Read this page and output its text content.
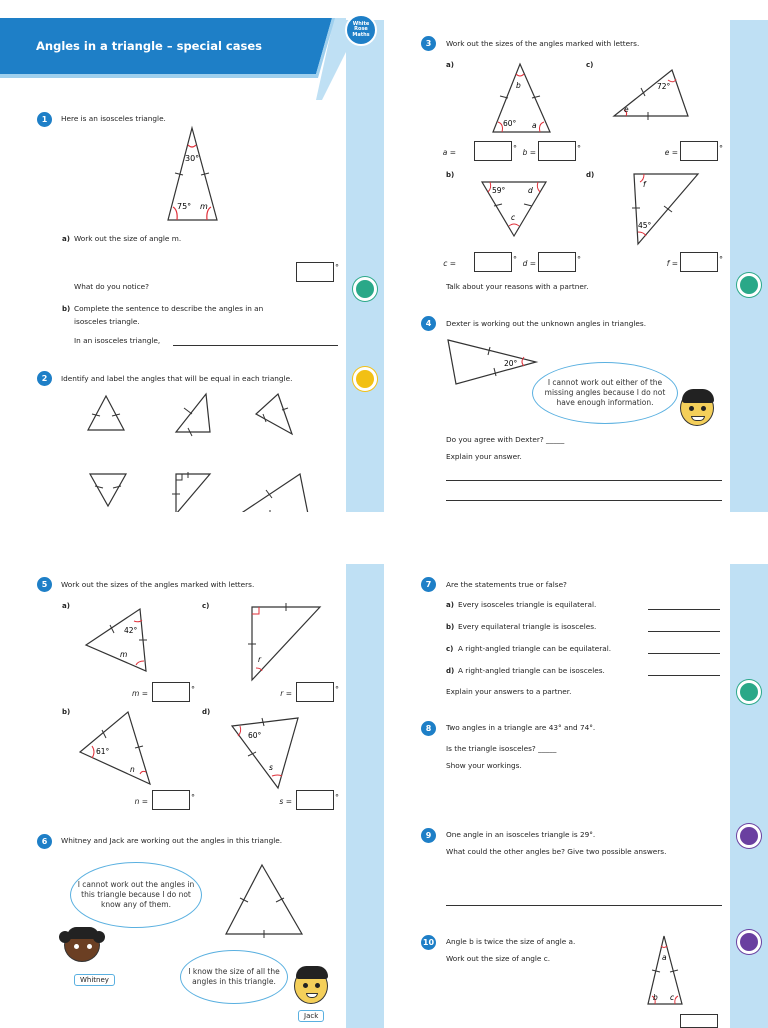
Angles in a triangle – special cases
White
Rose
Maths
1	Here is an isosceles triangle.
30°
75° m
a) Work out the size of angle m.
°
What do you notice?
b) Complete the sentence to describe the angles in an
isosceles triangle.
In an isosceles triangle,
2	Identify and label the angles that will be equal in each triangle.
3	Work out the sizes of the angles marked with letters.
a)	c)
b
60° a
72°
e
a =	° b =	°	e =	°
b)	d)
59°	d
c
f
45°
c =	° d =	°	f =	°
Talk about your reasons with a partner.
4	Dexter is working out the unknown angles in triangles.
20°
I cannot work out either of the missing angles because I do not have enough information.
Do you agree with Dexter? _____
Explain your answer.
5	Work out the sizes of the angles marked with letters.
a)	c)
42°
m
r
m =	°	r =	°
b)	d)
61°
n
60°
s
n =	°	s =	°
6	Whitney and Jack are working out the angles in this triangle.
I cannot work out the angles in this triangle because I do not know any of them.
Whitney
I know the size of all the angles in this triangle.
Jack
7	Are the statements true or false?
a) Every isosceles triangle is equilateral.
b) Every equilateral triangle is isosceles.
c) A right-angled triangle can be equilateral.
d) A right-angled triangle can be isosceles.
Explain your answers to a partner.
8	Two angles in a triangle are 43° and 74°.
Is the triangle isosceles? _____
Show your workings.
9	One angle in an isosceles triangle is 29°.
What could the other angles be? Give two possible answers.
10 Angle b is twice the size of angle a.
Work out the size of angle c.	a
b c
